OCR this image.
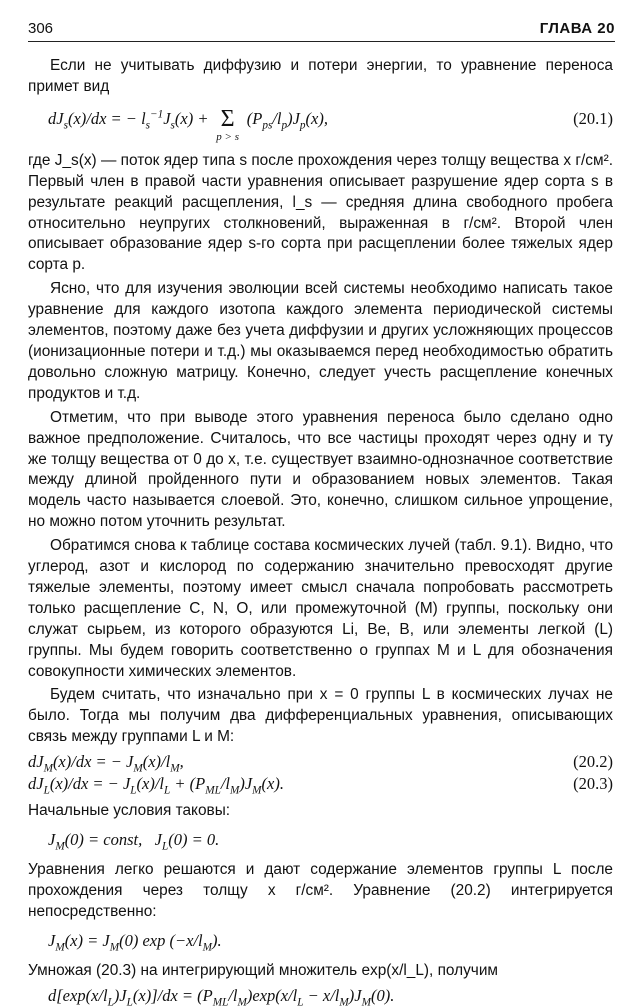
306	ГЛАВА 20

Если не учитывать диффузию и потери энергии, то уравнение переноса примет вид

$dJ_s(x)/dx$ = − $l_s^{-1}J_s(x) + \Sigma$
p > s
$(P_{ps}/l_p)J_p(x)$,	(20.1)

где J_s(x) — поток ядер типа s после прохождения через толщу вещества x г/см². Первый член в правой части уравнения описывает разрушение ядер сорта s в результате реакций расщепления, l_s — средняя длина свободного пробега относительно неупругих столкновений, выраженная в г/см². Второй член описывает образование ядер s-го сорта при расщеплении более тяжелых ядер сорта p.

Ясно, что для изучения эволюции всей системы необходимо написать такое уравнение для каждого изотопа каждого элемента периодической системы элементов, поэтому даже без учета диффузии и других усложняющих процессов (ионизационные потери и т.д.) мы оказываемся перед необходимостью обратить довольно сложную матрицу. Конечно, следует учесть расщепление конечных продуктов и т.д.

Отметим, что при выводе этого уравнения переноса было сделано одно важное предположение. Считалось, что все частицы проходят через одну и ту же толщу вещества от 0 до x, т.е. существует взаимно-однозначное соответствие между длиной пройденного пути и образованием новых элементов. Такая модель часто называется слоевой. Это, конечно, слишком сильное упрощение, но можно потом уточнить результат.

Обратимся снова к таблице состава космических лучей (табл. 9.1). Видно, что углерод, азот и кислород по содержанию значительно превосходят другие тяжелые элементы, поэтому имеет смысл сначала попробовать рассмотреть только расщепление C, N, O, или промежуточной (M) группы, поскольку они служат сырьем, из которого образуются Li, Be, B, или элементы легкой (L) группы. Мы будем говорить соответственно о группах M и L для обозначения совокупности химических элементов.

Будем считать, что изначально при x = 0 группы L в космических лучах не было. Тогда мы получим два дифференциальных уравнения, описывающих связь между группами L и M:

$dJ_M(x)/dx$ = − $J_M(x)/l_M$,	(20.2)
$dJ_L(x)/dx$ = − $J_L(x)/l_L + (P_{ML}/l_M)J_M(x)$.	(20.3)

Начальные условия таковы:

$J_M(0)$ = const,   $J_L(0) = 0$.

Уравнения легко решаются и дают содержание элементов группы L после прохождения через толщу x г/см². Уравнение (20.2) интегрируется непосредственно:

$J_M(x) = J_M(0)$ $\exp (-x/l_M)$.

Умножая (20.3) на интегрирующий множитель exp(x/l_L), получим

$d[\exp(x/l_L)J_L(x)]/dx = (P_{ML}/l_M)\exp(x/l_L - x/l_M)J_M(0)$.
